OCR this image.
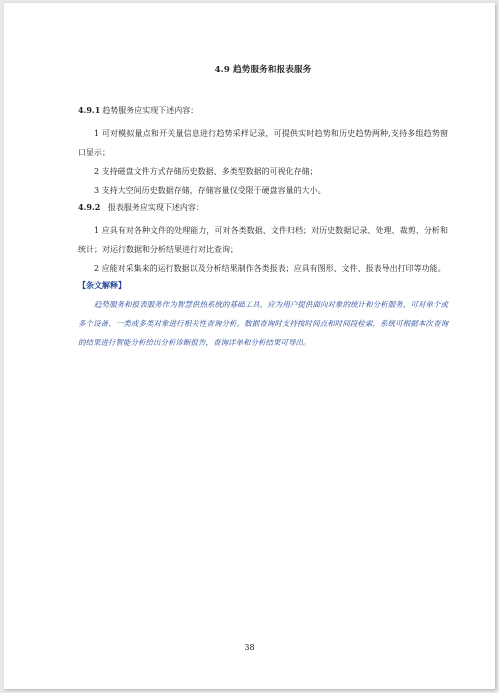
4.9 趋势服务和报表服务
4.9.1 趋势服务应实现下述内容：

1 可对模拟量点和开关量信息进行趋势采样记录，可提供实时趋势和历史趋势两种,支持多组趋势窗口显示；

2 支持磁盘文件方式存储历史数据、多类型数据的可视化存储；

3 支持大空间历史数据存储，存储容量仅受限于硬盘容量的大小。

4.9.2 报表服务应实现下述内容：

1 应具有对各种文件的处理能力，可对各类数据、文件归档；对历史数据记录、处理、裁剪、分析和统计；对运行数据和分析结果进行对比查询；

2 应能对采集来的运行数据以及分析结果制作各类报表；应具有图形、文件、报表导出打印等功能。

【条文解释】

趋势服务和报表服务作为智慧供热系统的基础工具，应为用户提供面向对象的统计和分析服务，可对单个或多个设备、一类或多类对象进行相关性查询分析。数据查询时支持按时间点和时间段检索，系统可根据本次查询的结果进行智能分析给出分析诊断报告，查询详单和分析结果可导出。

38
